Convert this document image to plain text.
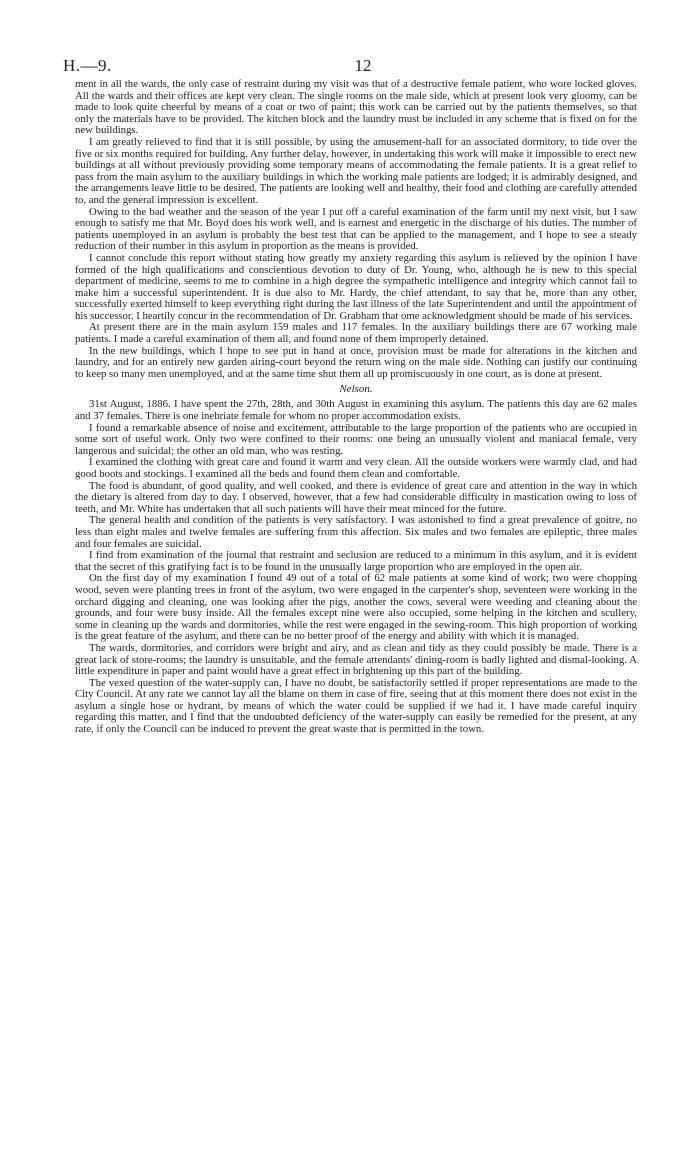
H.—9.	12

ment in all the wards, the only case of restraint during my visit was that of a destructive female patient, who wore locked gloves. All the wards and their offices are kept very clean. The single rooms on the male side, which at present look very gloomy, can be made to look quite cheerful by means of a coat or two of paint; this work can be carried out by the patients themselves, so that only the materials have to be provided. The kitchen block and the laundry must be included in any scheme that is fixed on for the new buildings.

I am greatly relieved to find that it is still possible, by using the amusement-hall for an associated dormitory, to tide over the five or six months required for building. Any further delay, however, in undertaking this work will make it impossible to erect new buildings at all without previously providing some temporary means of accommodating the female patients. It is a great relief to pass from the main asylum to the auxiliary buildings in which the working male patients are lodged; it is admirably designed, and the arrangements leave little to be desired. The patients are looking well and healthy, their food and clothing are carefully attended to, and the general impression is excellent.

Owing to the bad weather and the season of the year I put off a careful examination of the farm until my next visit, but I saw enough to satisfy me that Mr. Boyd does his work well, and is earnest and energetic in the discharge of his duties. The number of patients unemployed in an asylum is probably the best test that can be applied to the management, and I hope to see a steady reduction of their number in this asylum in proportion as the means is provided.

I cannot conclude this report without stating how greatly my anxiety regarding this asylum is relieved by the opinion I have formed of the high qualifications and conscientious devotion to duty of Dr. Young, who, although he is new to this special department of medicine, seems to me to combine in a high degree the sympathetic intelligence and integrity which cannot fail to make him a successful superintendent. It is due also to Mr. Hardy, the chief attendant, to say that he, more than any other, successfully exerted himself to keep everything right during the last illness of the late Superintendent and until the appointment of his successor. I heartily concur in the recommendation of Dr. Grabham that ome acknowledgment should be made of his services.

At present there are in the main asylum 159 males and 117 females. In the auxiliary buildings there are 67 working male patients. I made a careful examination of them all, and found none of them improperly detained.

In the new buildings, which I hope to see put in hand at once, provision must be made for alterations in the kitchen and laundry, and for an entirely new garden airing-court beyond the return wing on the male side. Nothing can justify our continuing to keep so many men unemployed, and at the same time shut them all up promiscuously in one court, as is done at present.

Nelson.

31st August, 1886. I have spent the 27th, 28th, and 30th August in examining this asylum. The patients this day are 62 males and 37 females. There is one inebriate female for whom no proper accommodation exists.

I found a remarkable absence of noise and excitement, attributable to the large proportion of the patients who are occupied in some sort of useful work. Only two were confined to their rooms: one being an unusually violent and maniacal female, very langerous and suicidal; the other an old man, who was resting.

I examined the clothing with great care and found it warm and very clean. All the outside workers were warmly clad, and had good boots and stockings. I examined all the beds and found them clean and comfortable.

The food is abundant, of good quality, and well cooked, and there is evidence of great care and attention in the way in which the dietary is altered from day to day. I observed, however, that a few had considerable difficulty in mastication owing to loss of teeth, and Mr. White has undertaken that all such patients will have their meat minced for the future.

The general health and condition of the patients is very satisfactory. I was astonished to find a great prevalence of goitre, no less than eight males and twelve females are suffering from this affection. Six males and two females are epileptic, three males and four females are suicidal.

I find from examination of the journal that restraint and seclusion are reduced to a minimum in this asylum, and it is evident that the secret of this gratifying fact is to be found in the unusually large proportion who are employed in the open air.

On the first day of my examination I found 49 out of a total of 62 male patients at some kind of work; two were chopping wood, seven were planting trees in front of the asylum, two were engaged in the carpenter's shop, seventeen were working in the orchard digging and cleaning, one was looking after the pigs, another the cows, several were weeding and cleaning about the grounds, and four were busy inside. All the females except nine were also occupied, some helping in the kitchen and scullery, some in cleaning up the wards and dormitories, while the rest were engaged in the sewing-room. This high proportion of working is the great feature of the asylum, and there can be no better proof of the energy and ability with which it is managed.

The wards, dormitories, and corridors were bright and airy, and as clean and tidy as they could possibly be made. There is a great lack of store-rooms; the laundry is unsuitable, and the female attendants' dining-room is badly lighted and dismal-looking. A little expenditure in paper and paint would have a great effect in brightening up this part of the building.

The vexed question of the water-supply can, I have no doubt, be satisfactorily settled if proper representations are made to the City Council. At any rate we cannot lay all the blame on them in case of fire, seeing that at this moment there does not exist in the asylum a single hose or hydrant, by means of which the water could be supplied if we had it. I have made careful inquiry regarding this matter, and I find that the undoubted deficiency of the water-supply can easily be remedied for the present, at any rate, if only the Council can be induced to prevent the great waste that is permitted in the town.
